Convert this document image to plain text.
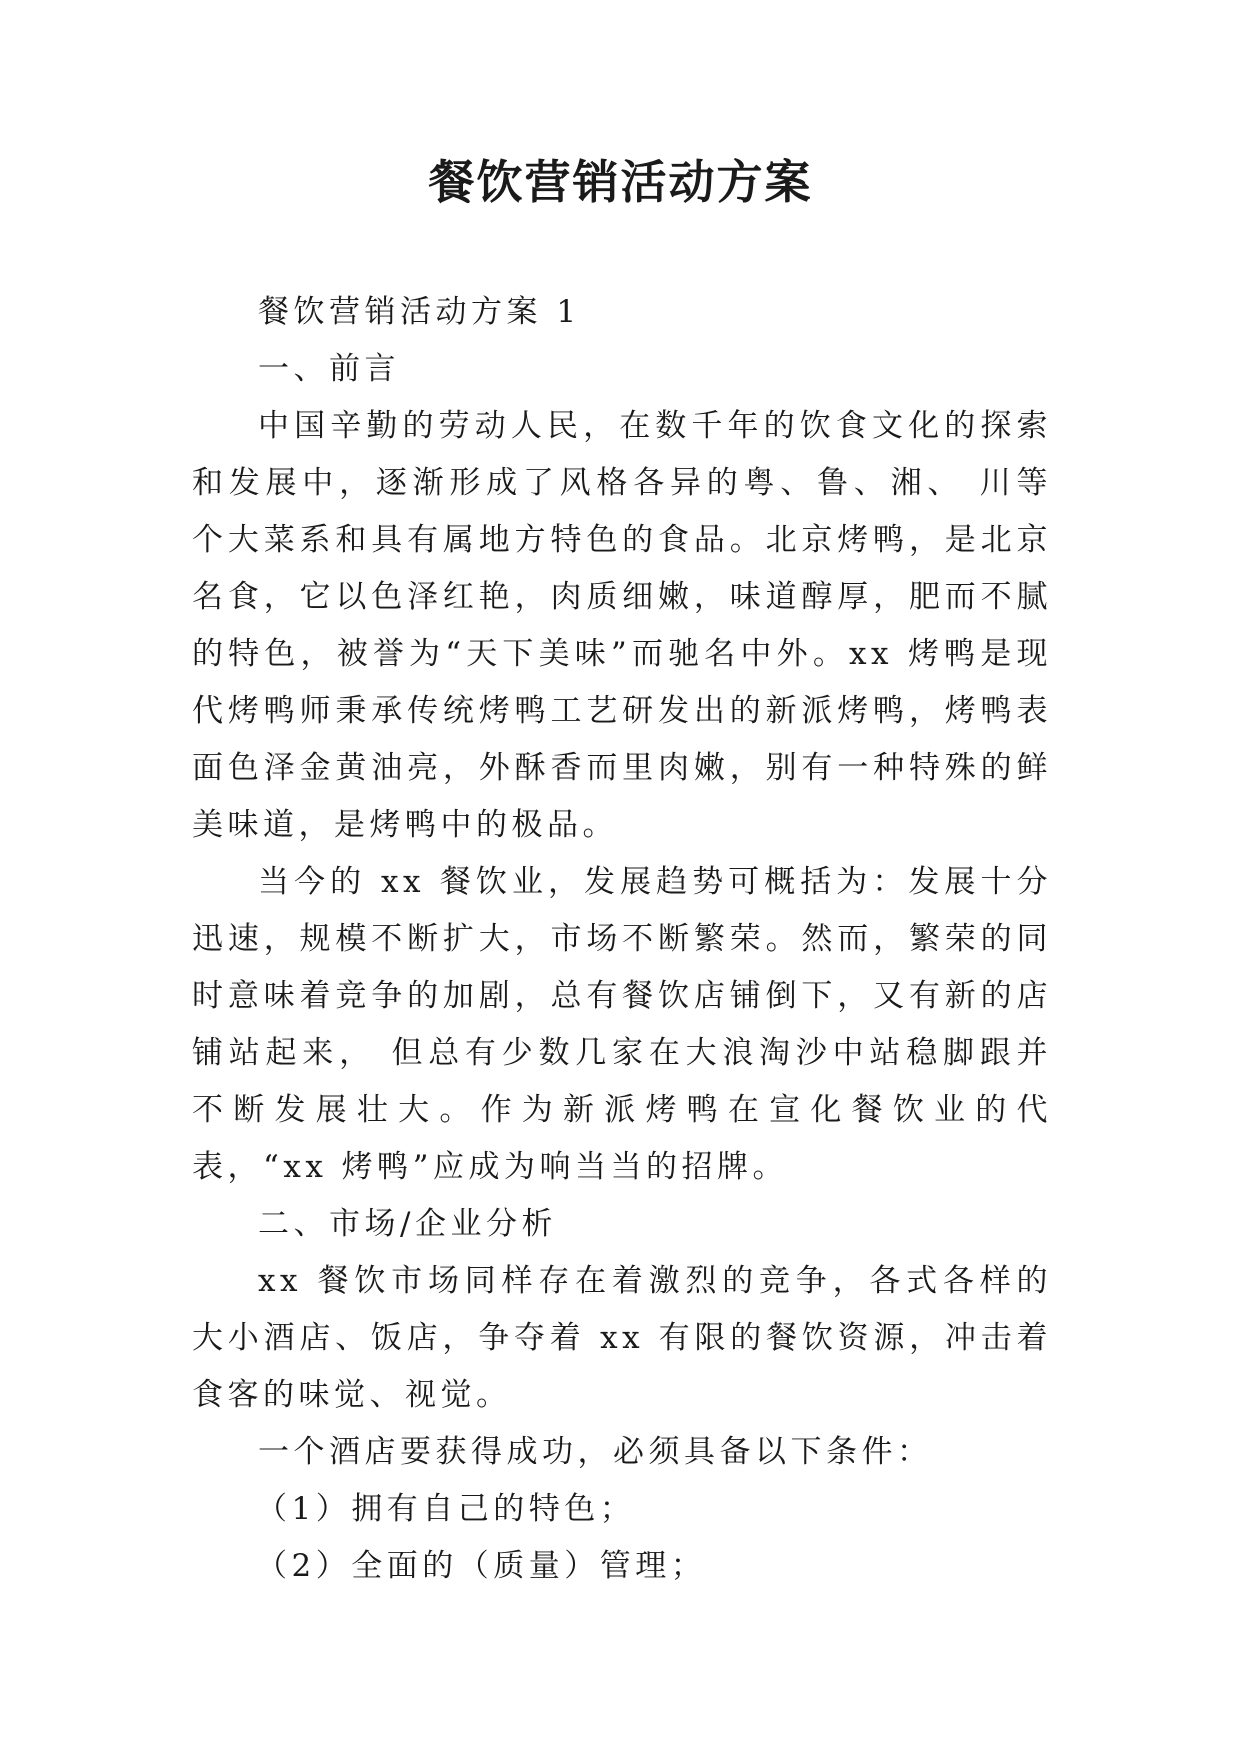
餐饮营销活动方案

餐饮营销活动方案 1

一、前言

中国辛勤的劳动人民，在数千年的饮食文化的探索和发展中，逐渐形成了风格各异的粤、鲁、湘、 川等个大菜系和具有属地方特色的食品。北京烤鸭，是北京名食，它以色泽红艳，肉质细嫩，味道醇厚，肥而不腻的特色，被誉为“天下美味”而驰名中外。xx 烤鸭是现代烤鸭师秉承传统烤鸭工艺研发出的新派烤鸭，烤鸭表面色泽金黄油亮，外酥香而里肉嫩，别有一种特殊的鲜美味道，是烤鸭中的极品。

当今的 xx 餐饮业，发展趋势可概括为：发展十分迅速，规模不断扩大，市场不断繁荣。然而，繁荣的同时意味着竞争的加剧，总有餐饮店铺倒下，又有新的店铺站起来， 但总有少数几家在大浪淘沙中站稳脚跟并不断发展壮大。作为新派烤鸭在宣化餐饮业的代表，“xx 烤鸭”应成为响当当的招牌。

二、市场/企业分析

xx 餐饮市场同样存在着激烈的竞争，各式各样的大小酒店、饭店，争夺着 xx 有限的餐饮资源，冲击着食客的味觉、视觉。

一个酒店要获得成功，必须具备以下条件：

（1）拥有自己的特色；

（2）全面的（质量）管理；
